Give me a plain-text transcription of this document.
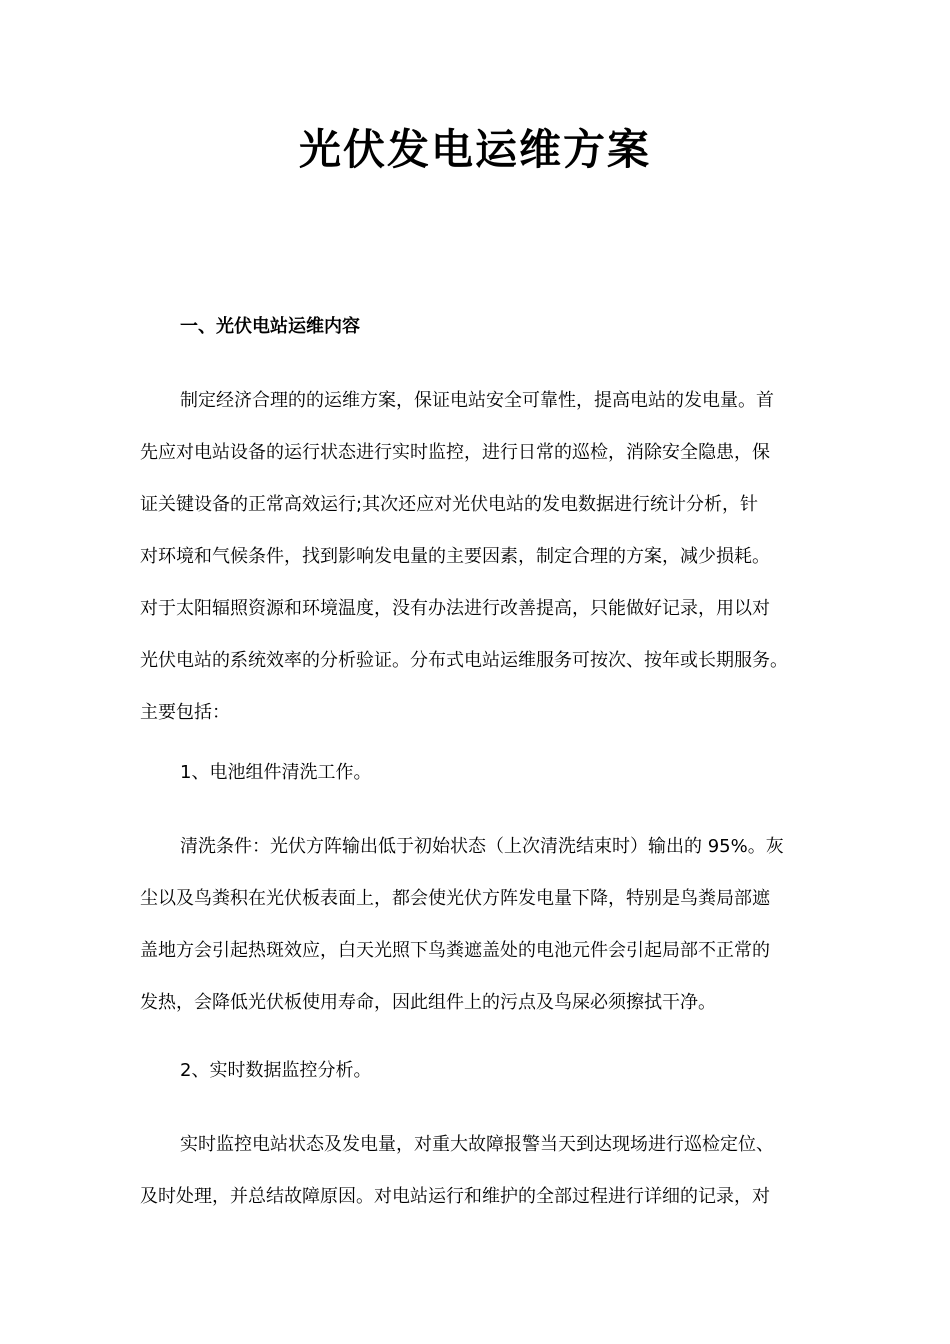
光伏发电运维方案
一、光伏电站运维内容
制定经济合理的的运维方案，保证电站安全可靠性，提高电站的发电量。首
先应对电站设备的运行状态进行实时监控，进行日常的巡检，消除安全隐患，保
证关键设备的正常高效运行;其次还应对光伏电站的发电数据进行统计分析，针
对环境和气候条件，找到影响发电量的主要因素，制定合理的方案，减少损耗。
对于太阳辐照资源和环境温度，没有办法进行改善提高，只能做好记录，用以对
光伏电站的系统效率的分析验证。分布式电站运维服务可按次、按年或长期服务。
主要包括：
1、电池组件清洗工作。
清洗条件：光伏方阵输出低于初始状态（上次清洗结束时）输出的 95%。灰
尘以及鸟粪积在光伏板表面上，都会使光伏方阵发电量下降，特别是鸟粪局部遮
盖地方会引起热斑效应，白天光照下鸟粪遮盖处的电池元件会引起局部不正常的
发热，会降低光伏板使用寿命，因此组件上的污点及鸟屎必须擦拭干净。
2、实时数据监控分析。
实时监控电站状态及发电量，对重大故障报警当天到达现场进行巡检定位、
及时处理，并总结故障原因。对电站运行和维护的全部过程进行详细的记录，对
